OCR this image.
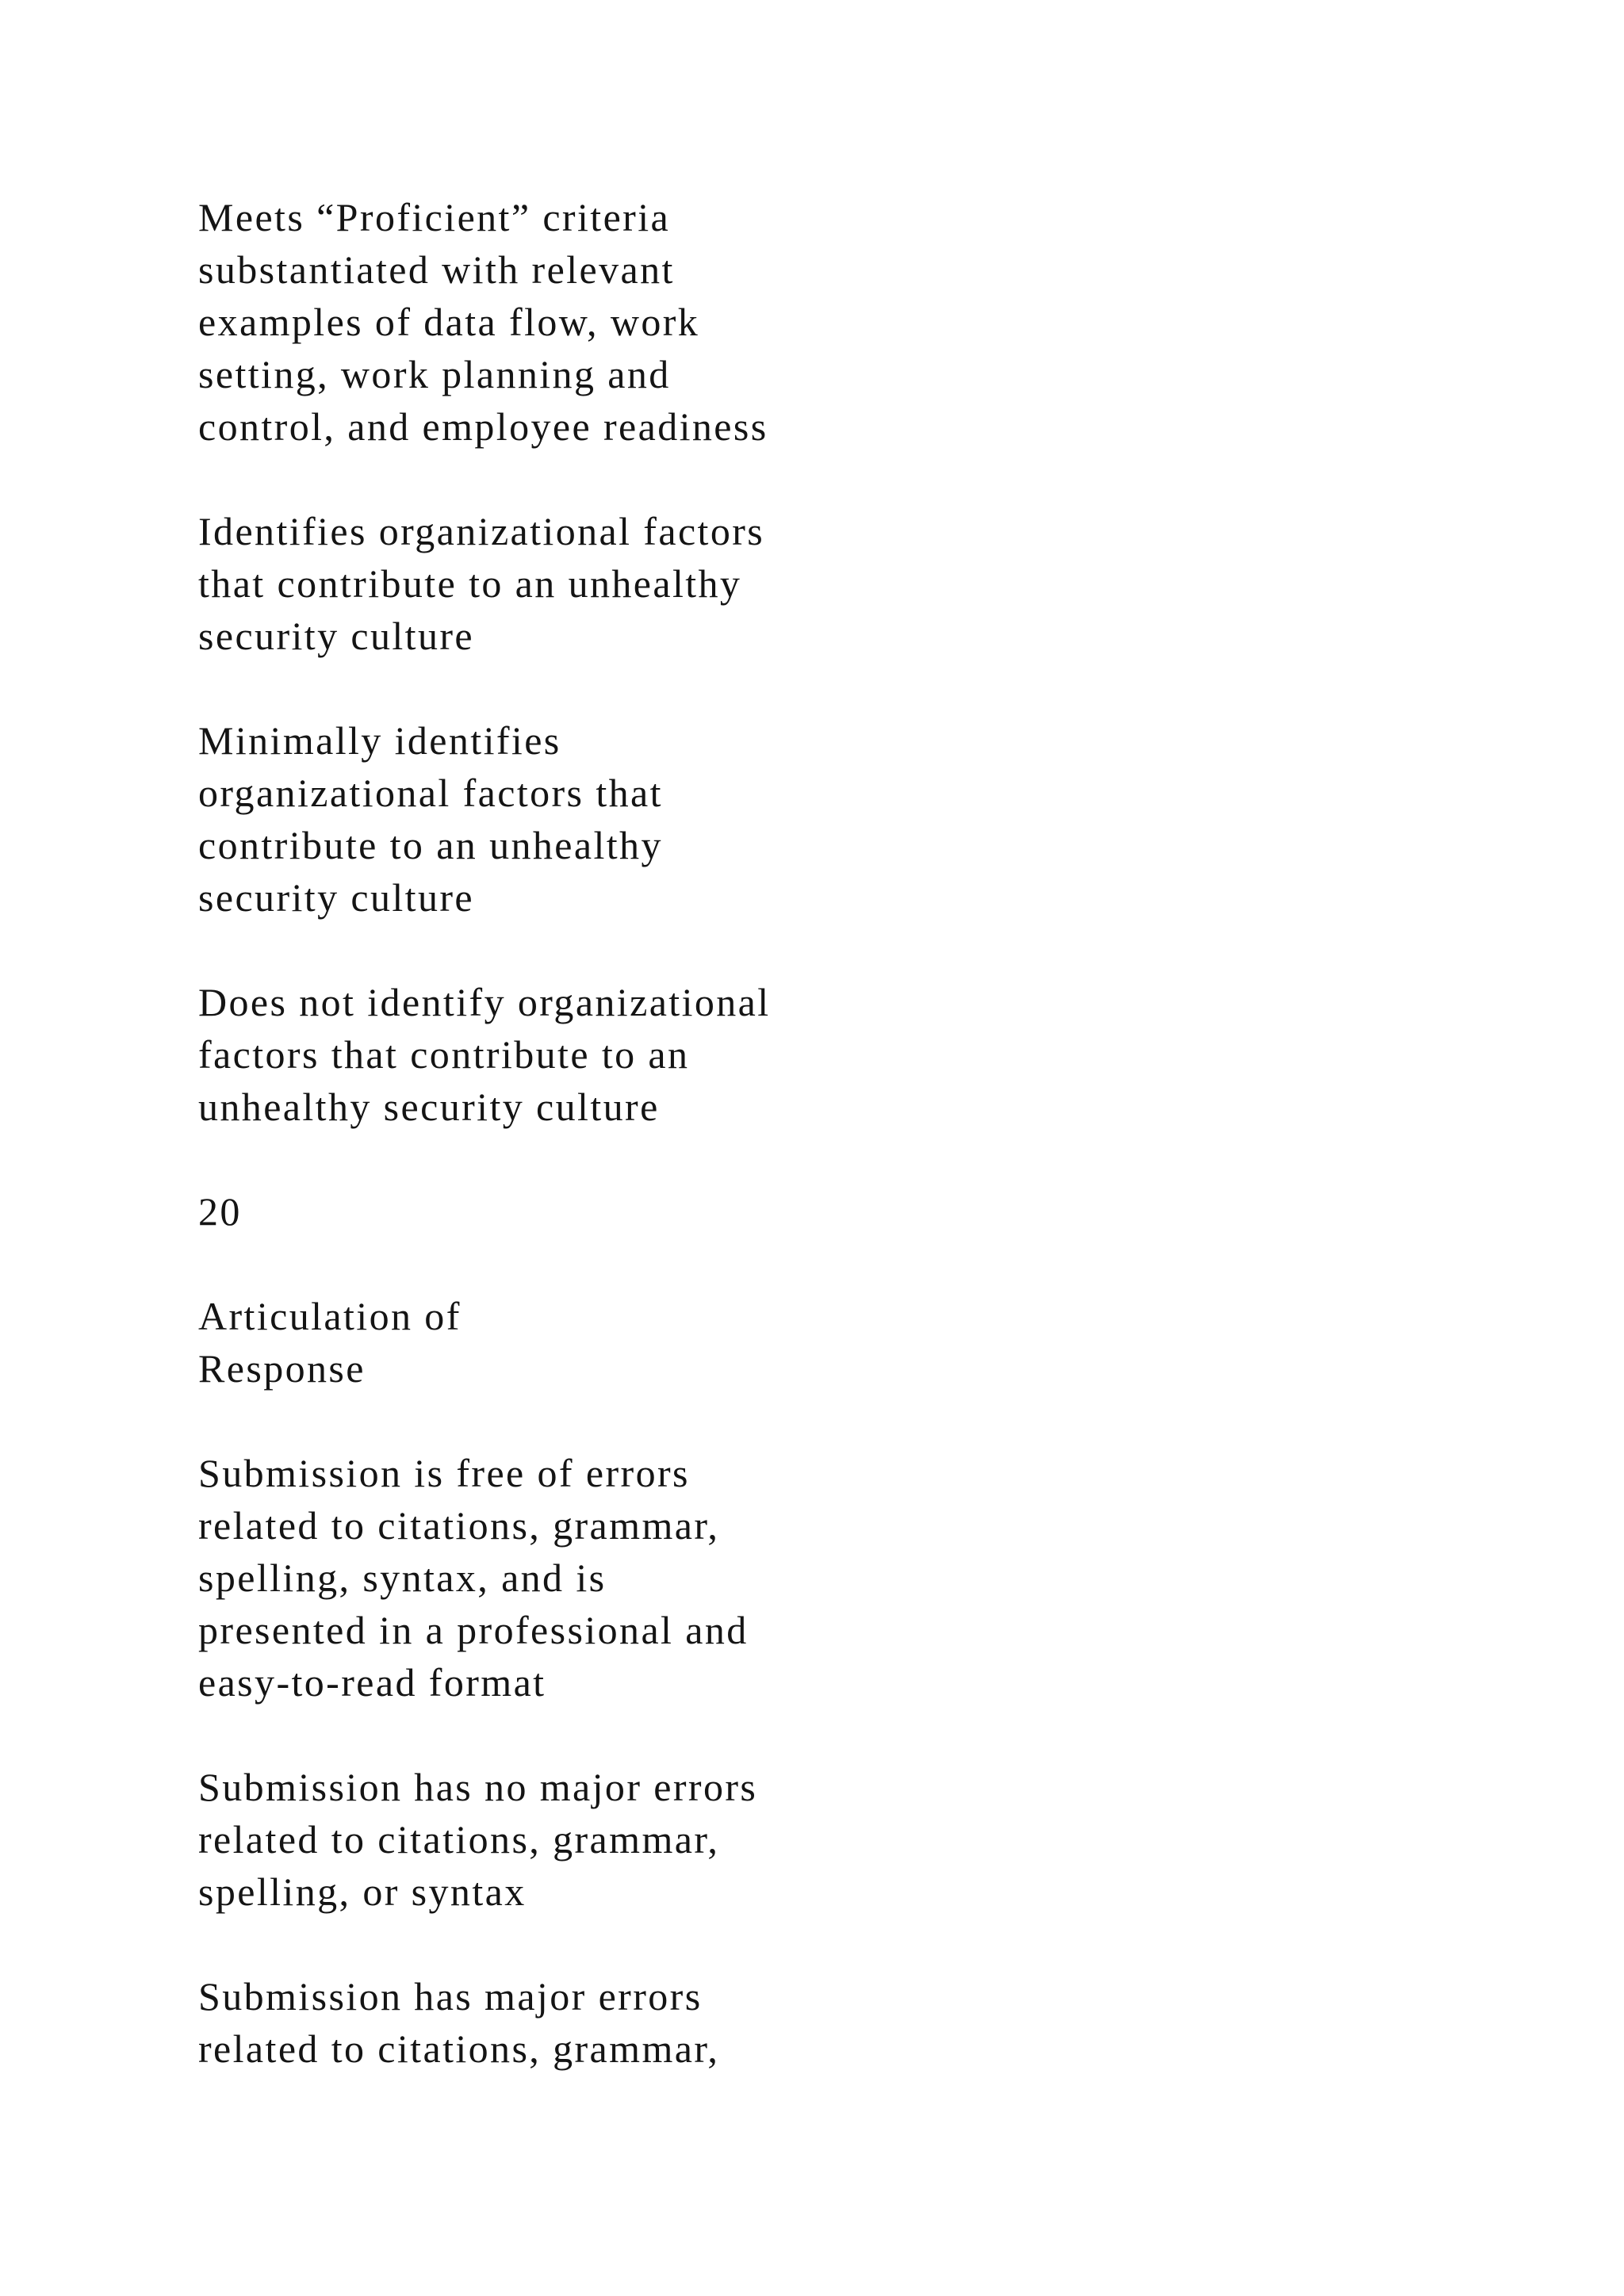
Meets “Proficient” criteria
substantiated with relevant
examples of data flow, work
setting, work planning and
control, and employee readiness
Identifies organizational factors
that contribute to an unhealthy
security culture
Minimally identifies
organizational factors that
contribute to an unhealthy
security culture
Does not identify organizational
factors that contribute to an
unhealthy security culture
20
Articulation of
Response
Submission is free of errors
related to citations, grammar,
spelling, syntax, and is
presented in a professional and
easy-to-read format
Submission has no major errors
related to citations, grammar,
spelling, or syntax
Submission has major errors
related to citations, grammar,
